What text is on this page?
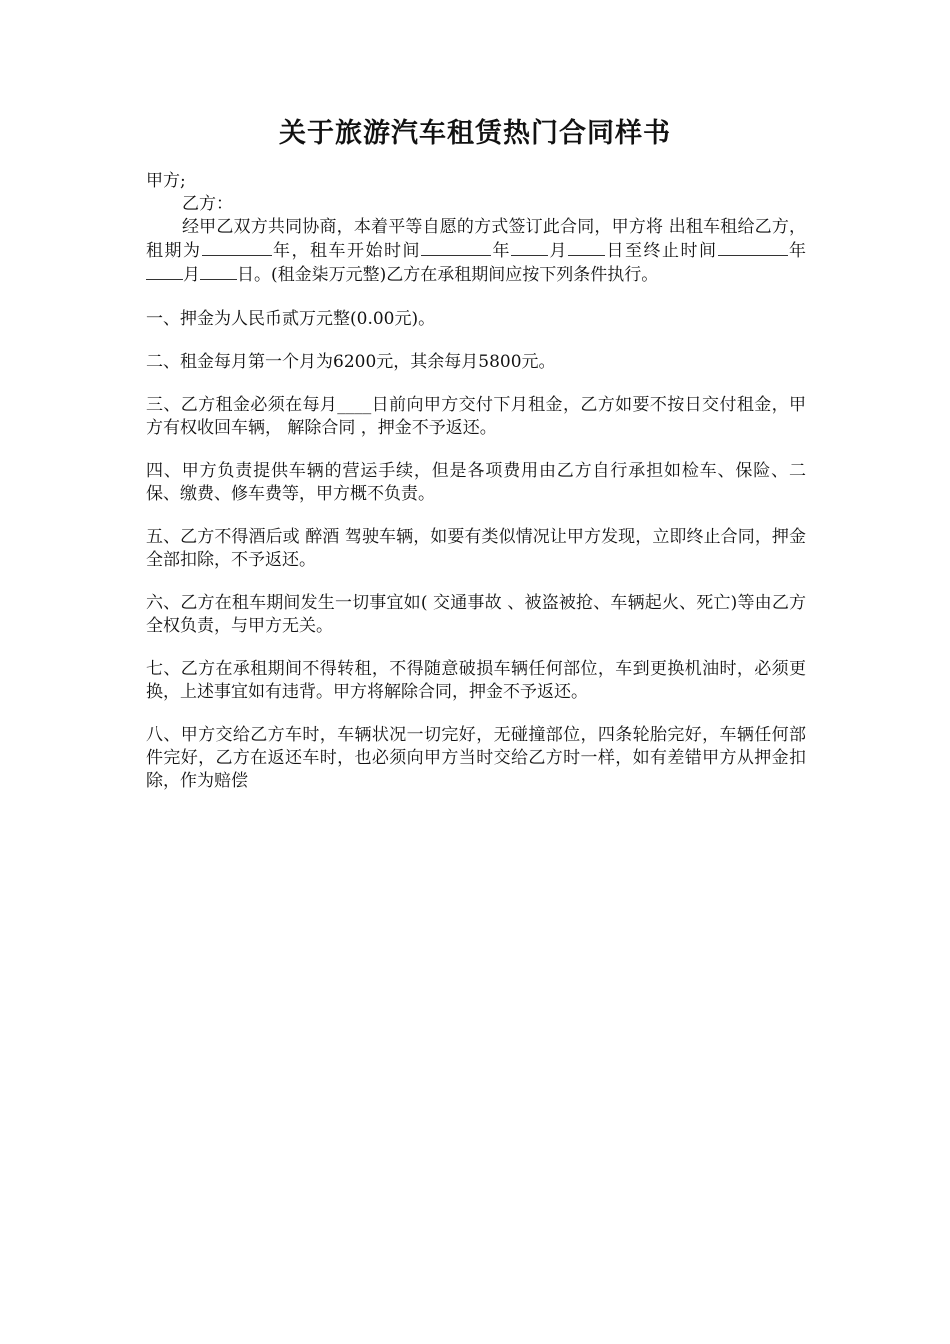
关于旅游汽车租赁热门合同样书

甲方;

乙方：

经甲乙双方共同协商，本着平等自愿的方式签订此合同，甲方将 出租车租给乙方，租期为	年，租车开始时间	年 月 日至终止时间	年月 日。(租金柒万元整)乙方在承租期间应按下列条件执行。

一、押金为人民币贰万元整(0.00元)。

二、租金每月第一个月为6200元，其余每月5800元。

三、乙方租金必须在每月____日前向甲方交付下月租金，乙方如要不按日交付租金，甲方有权收回车辆， 解除合同 ，押金不予返还。

四、甲方负责提供车辆的营运手续，但是各项费用由乙方自行承担如检车、保险、二保、缴费、修车费等，甲方概不负责。

五、乙方不得酒后或 醉酒 驾驶车辆，如要有类似情况让甲方发现，立即终止合同，押金全部扣除，不予返还。

六、乙方在租车期间发生一切事宜如( 交通事故 、被盗被抢、车辆起火、死亡)等由乙方全权负责，与甲方无关。

七、乙方在承租期间不得转租，不得随意破损车辆任何部位，车到更换机油时，必须更换，上述事宜如有违背。甲方将解除合同，押金不予返还。

八、甲方交给乙方车时，车辆状况一切完好，无碰撞部位，四条轮胎完好，车辆任何部件完好，乙方在返还车时，也必须向甲方当时交给乙方时一样，如有差错甲方从押金扣除，作为赔偿
